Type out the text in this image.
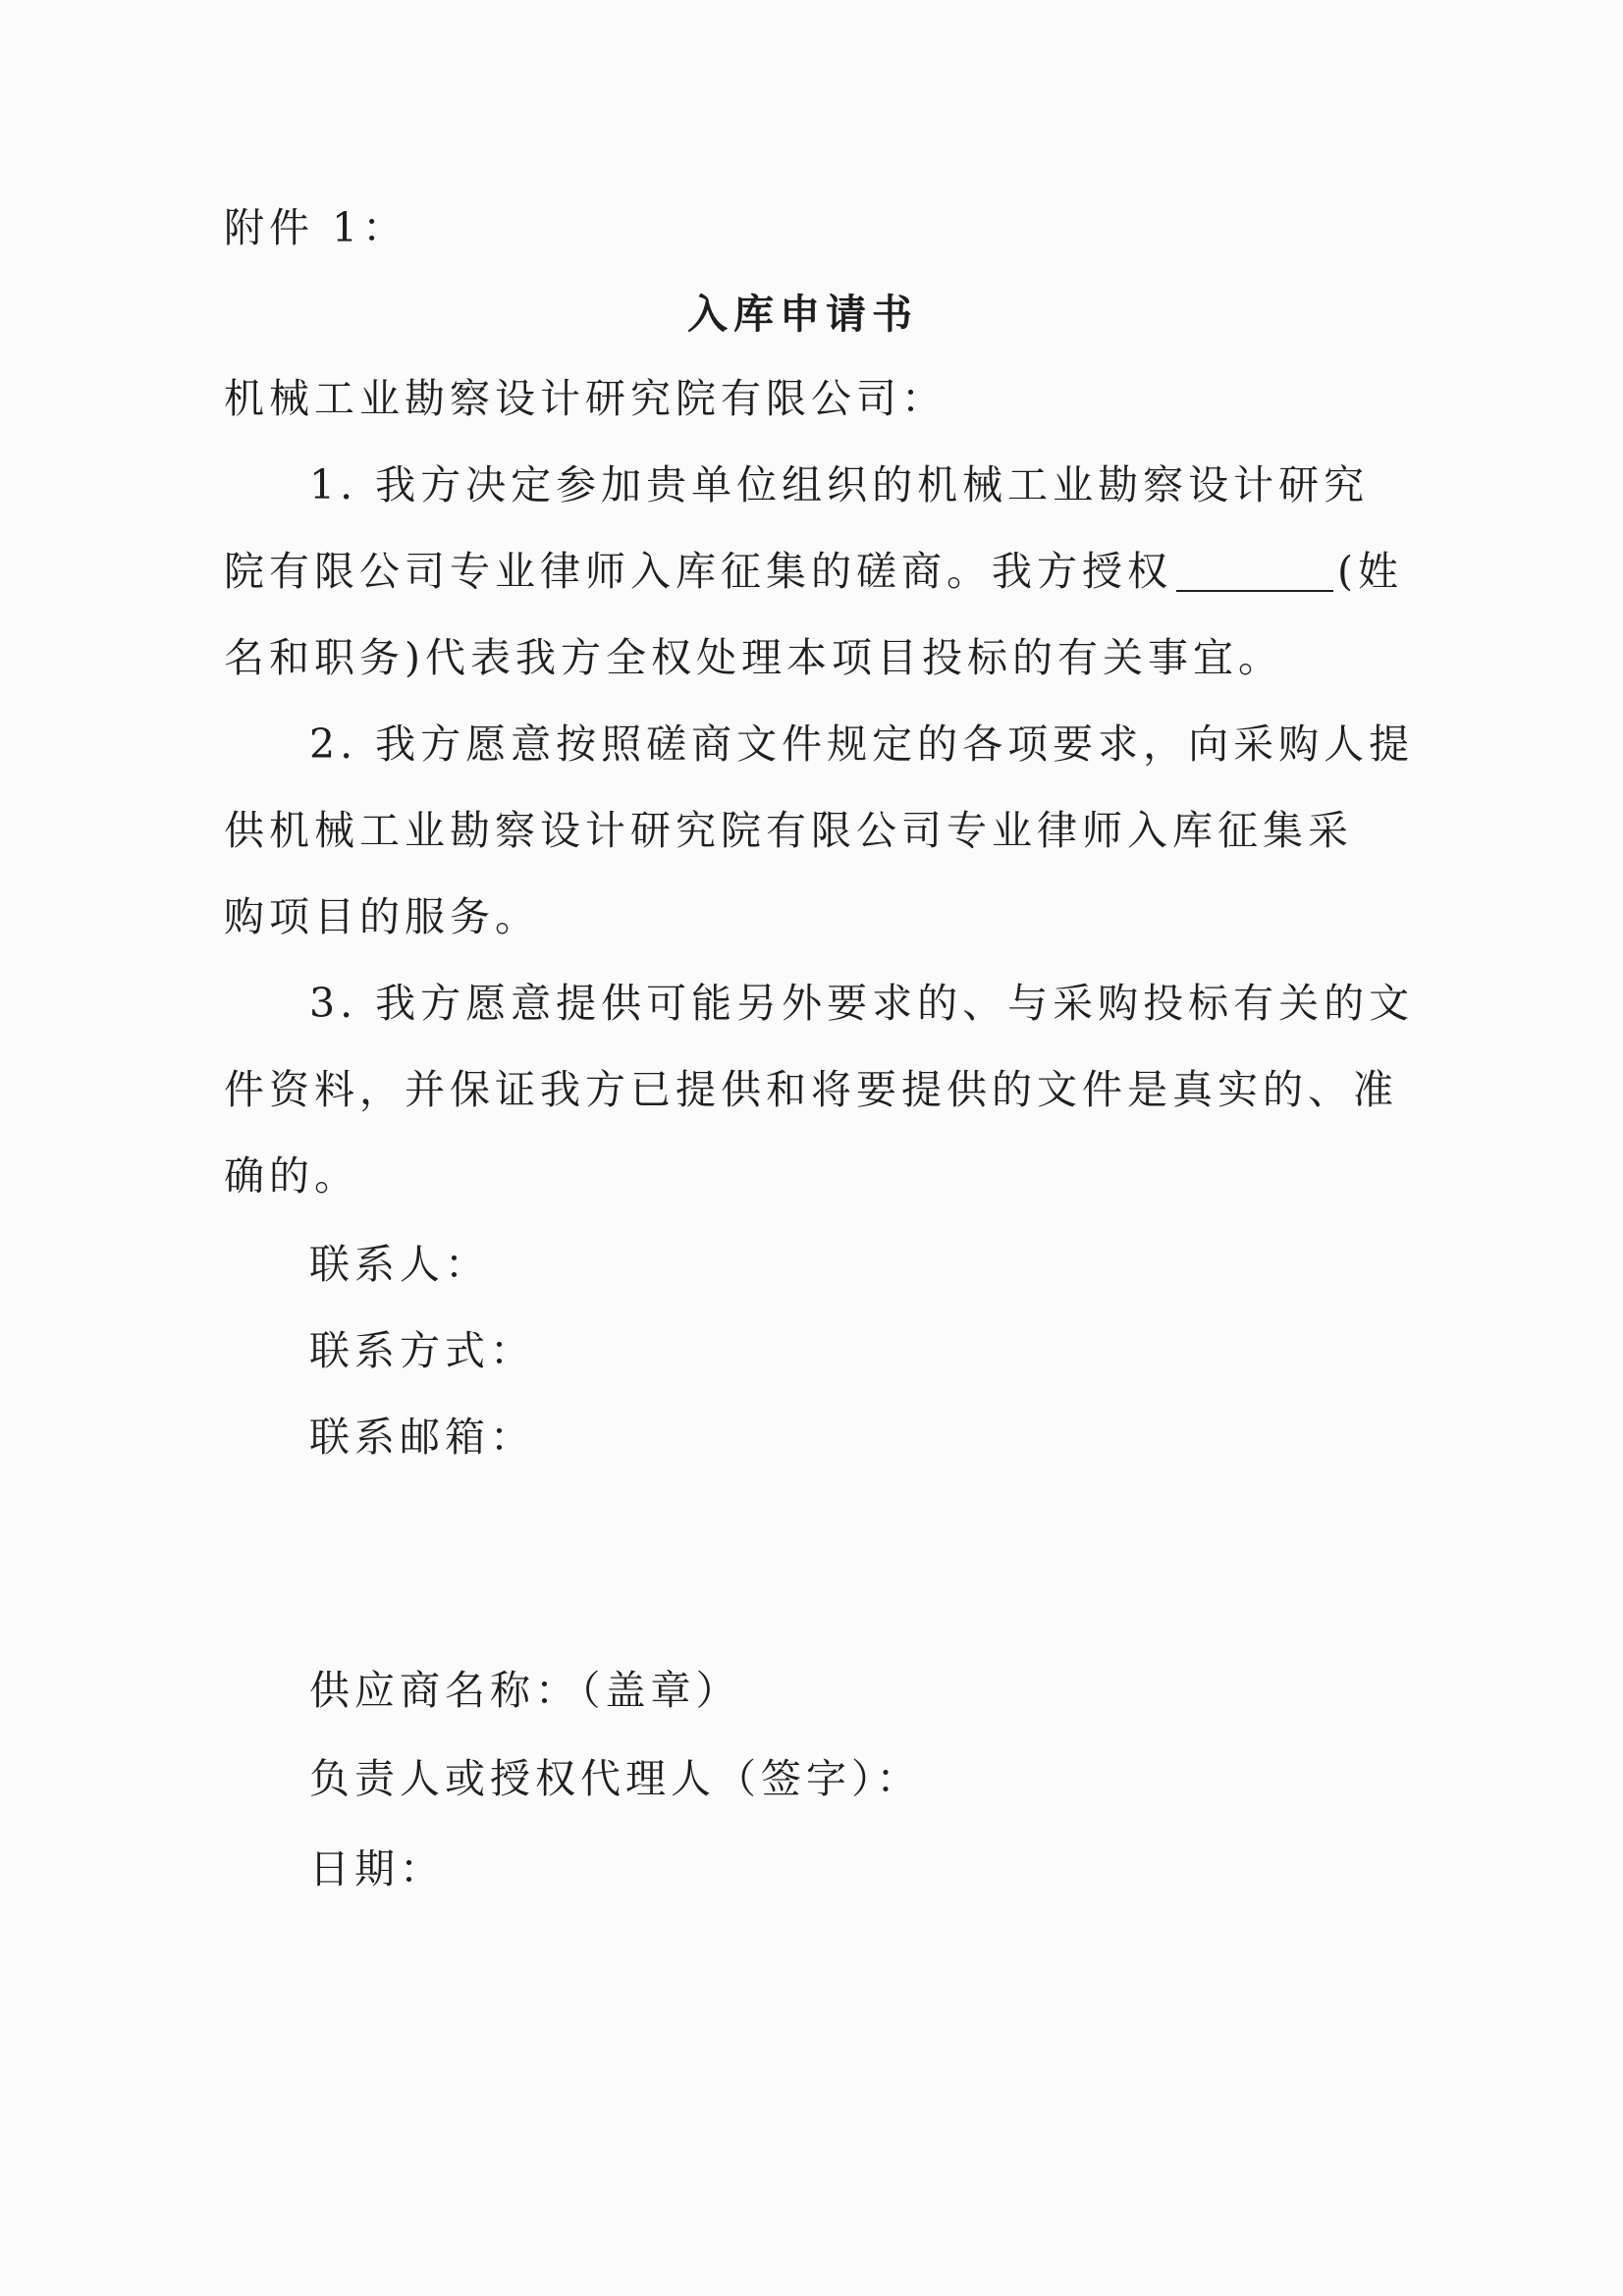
附件 1：
入库申请书
机械工业勘察设计研究院有限公司：
1. 我方决定参加贵单位组织的机械工业勘察设计研究
院有限公司专业律师入库征集的磋商。我方授权	(姓
名和职务)代表我方全权处理本项目投标的有关事宜。
2. 我方愿意按照磋商文件规定的各项要求，向采购人提
供机械工业勘察设计研究院有限公司专业律师入库征集采
购项目的服务。
3. 我方愿意提供可能另外要求的、与采购投标有关的文
件资料，并保证我方已提供和将要提供的文件是真实的、准
确的。
联系人：
联系方式：
联系邮箱：
供应商名称：（盖章）
负责人或授权代理人（签字）：
日期：
